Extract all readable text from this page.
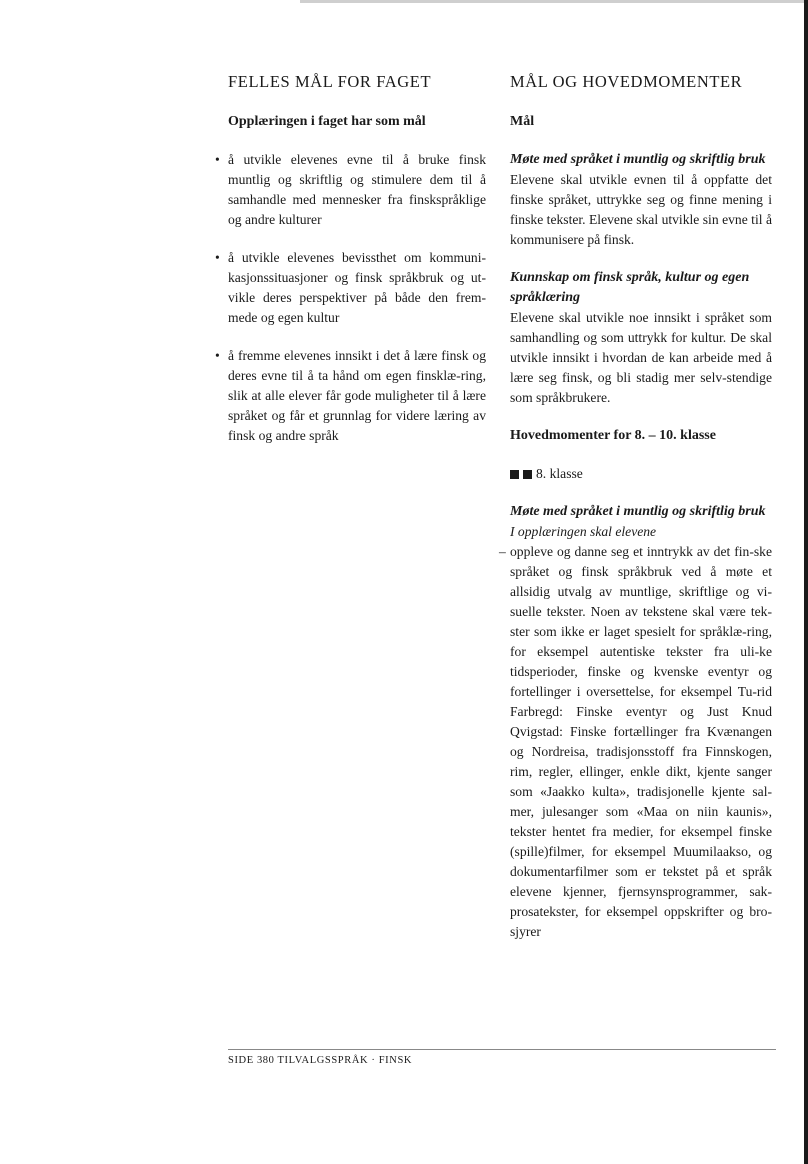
FELLES MÅL FOR FAGET
Opplæringen i faget har som mål
• å utvikle elevenes evne til å bruke finsk muntlig og skriftlig og stimulere dem til å samhandle med mennesker fra finskspråklige og andre kulturer

• å utvikle elevenes bevissthet om kommuni-kasjonssituasjoner og finsk språkbruk og ut-vikle deres perspektiver på både den frem-mede og egen kultur

• å fremme elevenes innsikt i det å lære finsk og deres evne til å ta hånd om egen finsklæ-ring, slik at alle elever får gode muligheter til å lære språket og får et grunnlag for videre læring av finsk og andre språk

MÅL OG HOVEDMOMENTER
Mål
Møte med språket i muntlig og skriftlig bruk

Elevene skal utvikle evnen til å oppfatte det finske språket, uttrykke seg og finne mening i finske tekster. Elevene skal utvikle sin evne til å kommunisere på finsk.

Kunnskap om finsk språk, kultur og egen språklæring

Elevene skal utvikle noe innsikt i språket som samhandling og som uttrykk for kultur. De skal utvikle innsikt i hvordan de kan arbeide med å lære seg finsk, og bli stadig mer selv-stendige som språkbrukere.

Hovedmomenter for 8. – 10. klasse
8. klasse
Møte med språket i muntlig og skriftlig bruk

I opplæringen skal elevene

– oppleve og danne seg et inntrykk av det fin-ske språket og finsk språkbruk ved å møte et allsidig utvalg av muntlige, skriftlige og vi-suelle tekster. Noen av tekstene skal være tek-ster som ikke er laget spesielt for språklæ-ring, for eksempel autentiske tekster fra uli-ke tidsperioder, finske og kvenske eventyr og fortellinger i oversettelse, for eksempel Tu-rid Farbregd: Finske eventyr og Just Knud Qvigstad: Finske fortællinger fra Kvænangen og Nordreisa, tradisjonsstoff fra Finnskogen, rim, regler, ellinger, enkle dikt, kjente sanger som «Jaakko kulta», tradisjonelle kjente sal-mer, julesanger som «Maa on niin kaunis», tekster hentet fra medier, for eksempel finske (spille)filmer, for eksempel Muumilaakso, og dokumentarfilmer som er tekstet på et språk elevene kjenner, fjernsynsprogrammer, sak-prosatekster, for eksempel oppskrifter og bro-sjyrer

SIDE 380 TILVALGSSPRÅK · FINSK
